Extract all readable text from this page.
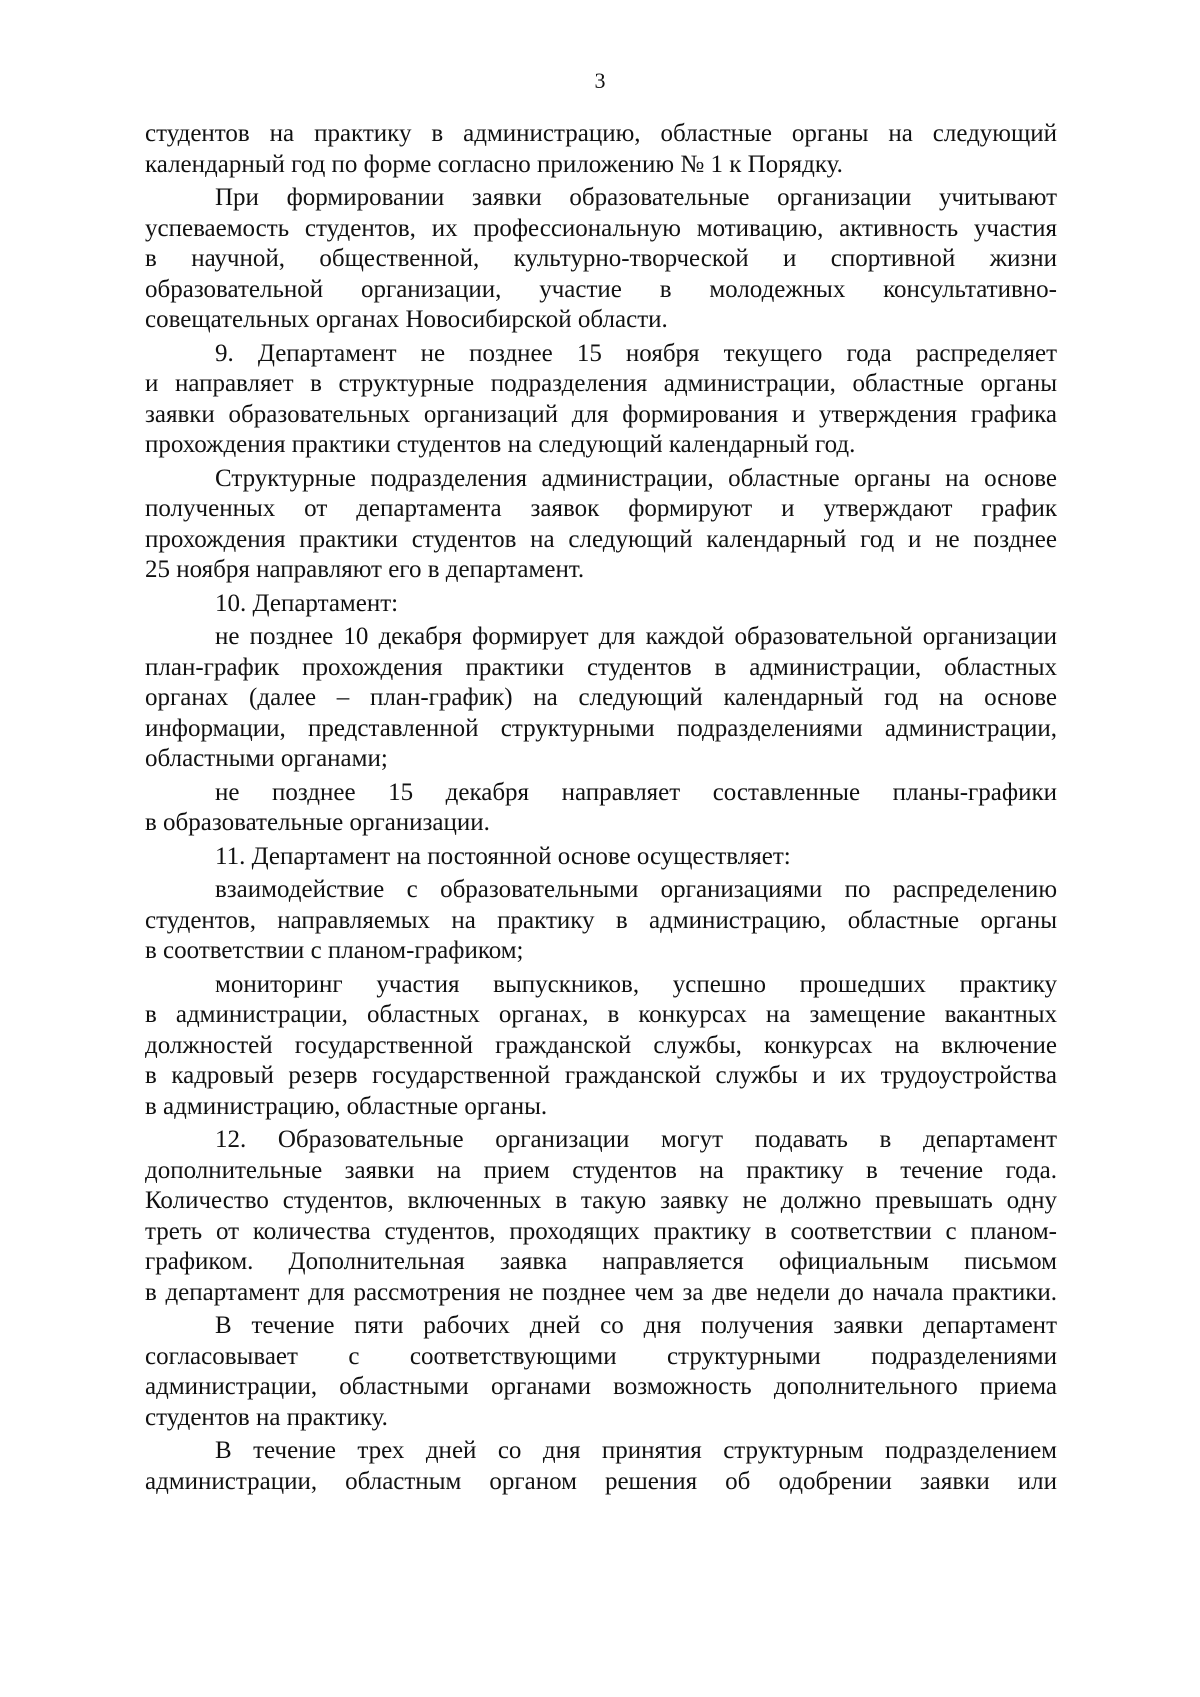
3
студентов на практику в администрацию, областные органы на следующий
календарный год по форме согласно приложению № 1 к Порядку.
При формировании заявки образовательные организации учитывают
успеваемость студентов, их профессиональную мотивацию, активность участия
в научной, общественной, культурно-творческой и спортивной жизни
образовательной организации, участие в молодежных консультативно-
совещательных органах Новосибирской области.
9. Департамент не позднее 15 ноября текущего года распределяет
и направляет в структурные подразделения администрации, областные органы
заявки образовательных организаций для формирования и утверждения графика
прохождения практики студентов на следующий календарный год.
Структурные подразделения администрации, областные органы на основе
полученных от департамента заявок формируют и утверждают график
прохождения практики студентов на следующий календарный год и не позднее
25 ноября направляют его в департамент.
10. Департамент:
не позднее 10 декабря формирует для каждой образовательной организации
план-график прохождения практики студентов в администрации, областных
органах (далее – план-график) на следующий календарный год на основе
информации, представленной структурными подразделениями администрации,
областными органами;
не позднее 15 декабря направляет составленные планы-графики
в образовательные организации.
11. Департамент на постоянной основе осуществляет:
взаимодействие с образовательными организациями по распределению
студентов, направляемых на практику в администрацию, областные органы
в соответствии с планом-графиком;
мониторинг участия выпускников, успешно прошедших практику
в администрации, областных органах, в конкурсах на замещение вакантных
должностей государственной гражданской службы, конкурсах на включение
в кадровый резерв государственной гражданской службы и их трудоустройства
в администрацию, областные органы.
12. Образовательные организации могут подавать в департамент
дополнительные заявки на прием студентов на практику в течение года.
Количество студентов, включенных в такую заявку не должно превышать одну
треть от количества студентов, проходящих практику в соответствии с планом-
графиком. Дополнительная заявка направляется официальным письмом
в департамент для рассмотрения не позднее чем за две недели до начала практики.
В течение пяти рабочих дней со дня получения заявки департамент
согласовывает с соответствующими структурными подразделениями
администрации, областными органами возможность дополнительного приема
студентов на практику.
В течение трех дней со дня принятия структурным подразделением
администрации, областным органом решения об одобрении заявки или
